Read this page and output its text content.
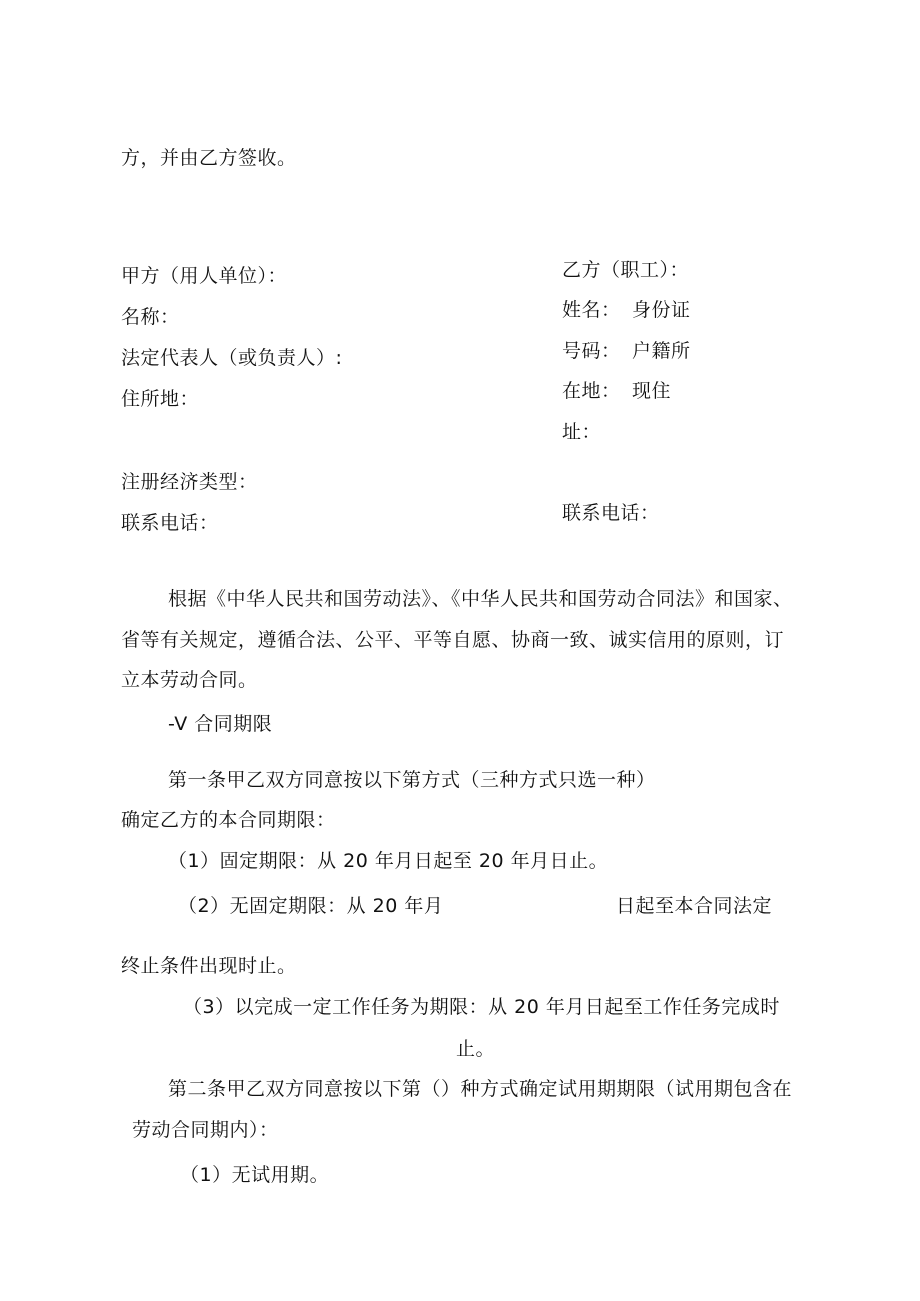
方，并由乙方签收。
甲方（用人单位）：
名称：
法定代表人（或负责人）:
住所地：
注册经济类型：
联系电话：
乙方（职工）：
姓名： 身份证
号码： 户籍所
在地： 现住
址：
联系电话：
根据《中华人民共和国劳动法》、《中华人民共和国劳动合同法》和国家、
省等有关规定，遵循合法、公平、平等自愿、协商一致、诚实信用的原则，订
立本劳动合同。
-V 合同期限
第一条甲乙双方同意按以下第方式（三种方式只选一种）
确定乙方的本合同期限：
（1）固定期限：从 20 年月日起至 20 年月日止。
（2）无固定期限：从 20 年月	日起至本合同法定
终止条件出现时止。
（3）以完成一定工作任务为期限：从 20 年月日起至工作任务完成时
止。
第二条甲乙双方同意按以下第（）种方式确定试用期期限（试用期包含在
劳动合同期内）：
（1）无试用期。
